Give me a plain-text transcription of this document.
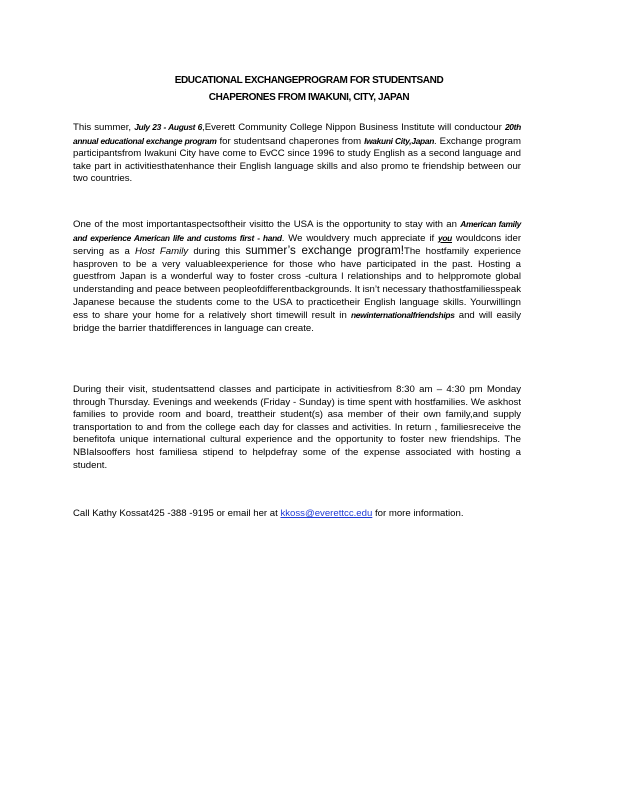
EDUCATIONAL EXCHANGEPROGRAM FOR STUDENTSAND
CHAPERONES FROM IWAKUNI, CITY, JAPAN
This summer, July 23 - August 6,Everett Community College Nippon Business Institute will conductour 20th annual educational exchange program for studentsand chaperones from Iwakuni City,Japan. Exchange program participantsfrom Iwakuni City have come to EvCC since 1996 to study English as a second language and take part in activitiesthatenhance their English language skills and also promo te friendship between our two countries.
One of the most importantaspectsoftheir visitto the USA is the opportunity to stay with an American family and experience American life and customs first - hand. We wouldvery much appreciate if you wouldcons ider serving as a Host Family during this summer’s exchange program!The hostfamily experience hasproven to be a very valuableexperience for those who have participated in the past. Hosting a guestfrom Japan is a wonderful way to foster cross -cultura l relationships and to helppromote global understanding and peace between peopleofdifferentbackgrounds. It isn’t necessary thathostfamiliesspeak Japanese because the students come to the USA to practicetheir English language skills. Yourwillingn ess to share your home for a relatively short timewill result in newinternationalfriendships and will easily bridge the barrier thatdifferences in language can create.
During their visit, studentsattend classes and participate in activitiesfrom 8:30 am – 4:30 pm Monday through Thursday. Evenings and weekends (Friday - Sunday) is time spent with hostfamilies. We askhost families to provide room and board, treattheir student(s) asa member of their own family,and supply transportation to and from the college each day for classes and activities. In return , familiesreceive the benefitofa unique international cultural experience and the opportunity to foster new friendships. The NBIalsooffers host familiesa stipend to helpdefray some of the expense associated with hosting a student.
Call Kathy Kossat425 -388 -9195 or email her at kkoss@everettcc.edu for more information.
